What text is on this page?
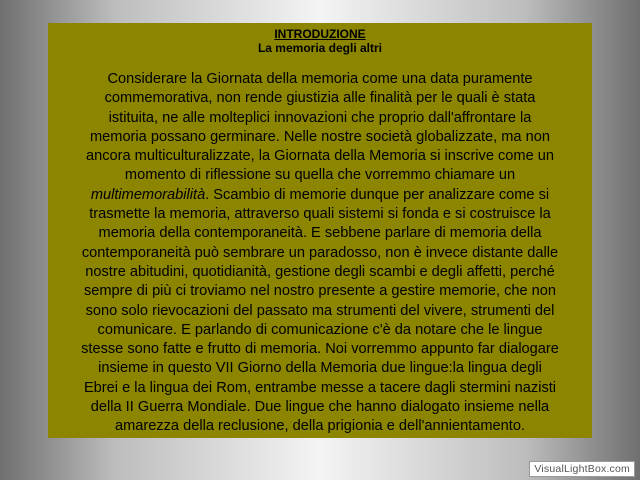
INTRODUZIONE
La memoria degli altri
Considerare la Giornata della memoria come una data puramente
commemorativa, non rende giustizia alle finalità per le quali è stata
istituita, ne alle molteplici innovazioni che proprio dall'affrontare la
memoria possano germinare. Nelle nostre società globalizzate, ma non
ancora multiculturalizzate, la Giornata della Memoria si inscrive come un
momento di riflessione su quella che vorremmo chiamare un
multimemorabilità. Scambio di memorie dunque per analizzare come si
trasmette la memoria, attraverso quali sistemi si fonda e si costruisce la
memoria della contemporaneità. E sebbene parlare di memoria della
contemporaneità può sembrare un paradosso, non è invece distante dalle
nostre abitudini, quotidianità, gestione degli scambi e degli affetti, perché
sempre di più ci troviamo nel nostro presente a gestire memorie, che non
sono solo rievocazioni del passato ma strumenti del vivere, strumenti del
comunicare. E parlando di comunicazione c'è da notare che le lingue
stesse sono fatte e frutto di memoria. Noi vorremmo appunto far dialogare
insieme in questo VII Giorno della Memoria due lingue:la lingua degli
Ebrei e la lingua dei Rom, entrambe messe a tacere dagli stermini nazisti
della II Guerra Mondiale. Due lingue che hanno dialogato insieme nella
amarezza della reclusione, della prigionia e dell'annientamento.
VisualLightBox.com
